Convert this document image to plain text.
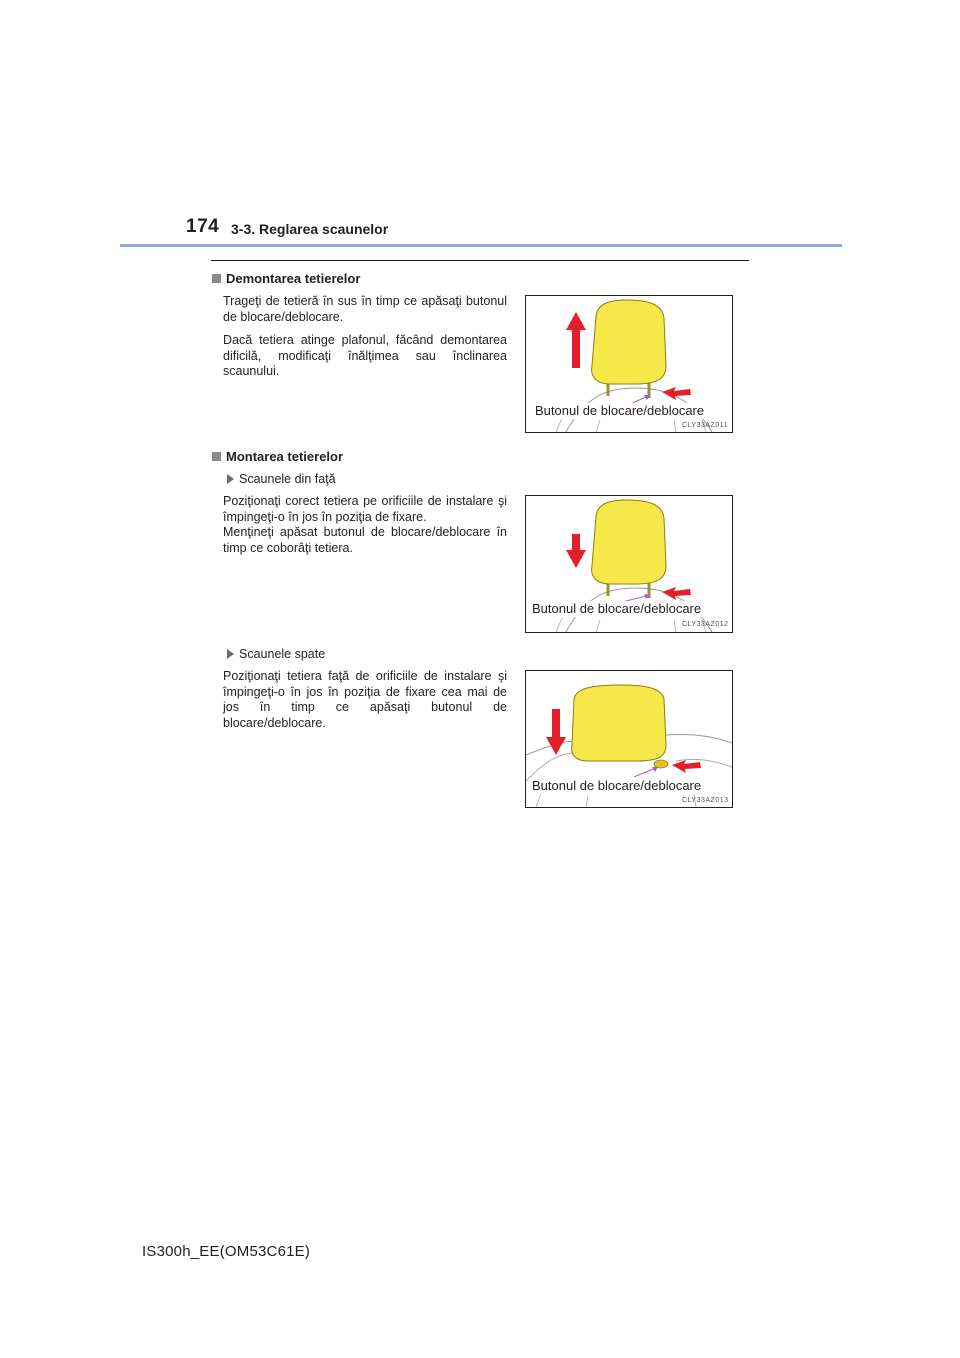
174 3-3. Reglarea scaunelor
Demontarea tetierelor

Trageţi de tetieră în sus în timp ce apăsaţi butonul de blocare/deblocare.

Dacă tetiera atinge plafonul, făcând demontarea dificilă, modificaţi înălţimea sau înclinarea scaunului.

Butonul de blocare/deblocare
CLY33AZ011
Montarea tetierelor
Scaunele din faţă

Poziţionaţi corect tetiera pe orificiile de instalare şi împingeţi-o în jos în poziţia de fixare.

Menţineţi apăsat butonul de blocare/deblocare în timp ce coborâţi tetiera.

Butonul de blocare/deblocare
CLY33AZ012
Scaunele spate

Poziţionaţi tetiera faţă de orificiile de instalare şi împingeţi-o în jos în poziţia de fixare cea mai de jos în timp ce apăsaţi butonul de blocare/deblocare.

Butonul de blocare/deblocare
CLY33AZ013
IS300h_EE(OM53C61E)
